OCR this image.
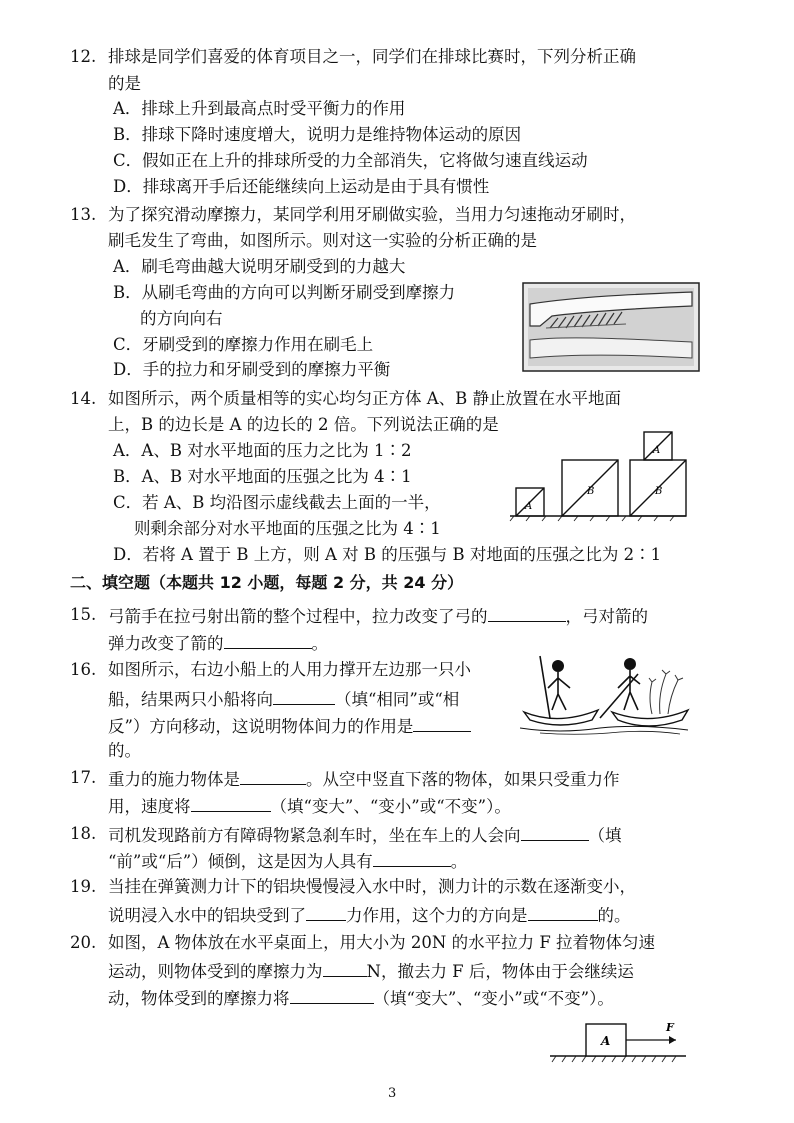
12. 排球是同学们喜爱的体育项目之一，同学们在排球比赛时，下列分析正确
的是
A．排球上升到最高点时受平衡力的作用
B．排球下降时速度增大，说明力是维持物体运动的原因
C．假如正在上升的排球所受的力全部消失，它将做匀速直线运动
D．排球离开手后还能继续向上运动是由于具有惯性
13. 为了探究滑动摩擦力，某同学利用牙刷做实验，当用力匀速拖动牙刷时，
刷毛发生了弯曲，如图所示。则对这一实验的分析正确的是
A．刷毛弯曲越大说明牙刷受到的力越大
B．从刷毛弯曲的方向可以判断牙刷受到摩擦力
的方向向右
C．牙刷受到的摩擦力作用在刷毛上
D．手的拉力和牙刷受到的摩擦力平衡
14. 如图所示，两个质量相等的实心均匀正方体 A、B 静止放置在水平地面
上，B 的边长是 A 的边长的 2 倍。下列说法正确的是
A．A、B 对水平地面的压力之比为 1∶2
B．A、B 对水平地面的压强之比为 4∶1
C．若 A、B 均沿图示虚线截去上面的一半，
则剩余部分对水平地面的压强之比为 4∶1
D．若将 A 置于 B 上方，则 A 对 B 的压强与 B 对地面的压强之比为 2∶1
A
B	B
A
二、填空题（本题共 12 小题，每题 2 分，共 24 分）
15. 弓箭手在拉弓射出箭的整个过程中，拉力改变了弓的	，弓对箭的
弹力改变了箭的	。
16. 如图所示，右边小船上的人用力撑开左边那一只小
船，结果两只小船将向	（填“相同”或“相
反”）方向移动，这说明物体间力的作用是
的。
17. 重力的施力物体是	。从空中竖直下落的物体，如果只受重力作
用，速度将	（填“变大”、“变小”或“不变”）。
18. 司机发现路前方有障碍物紧急刹车时，坐在车上的人会向	（填
“前”或“后”）倾倒，这是因为人具有	。
19. 当挂在弹簧测力计下的铝块慢慢浸入水中时，测力计的示数在逐渐变小，
说明浸入水中的铝块受到了 力作用，这个力的方向是	的。
20. 如图，A 物体放在水平桌面上，用大小为 20N 的水平拉力 F 拉着物体匀速
运动，则物体受到的摩擦力为	N，撤去力 F 后，物体由于会继续运
动，物体受到的摩擦力将	（填“变大”、“变小”或“不变”）。
A
F
3
